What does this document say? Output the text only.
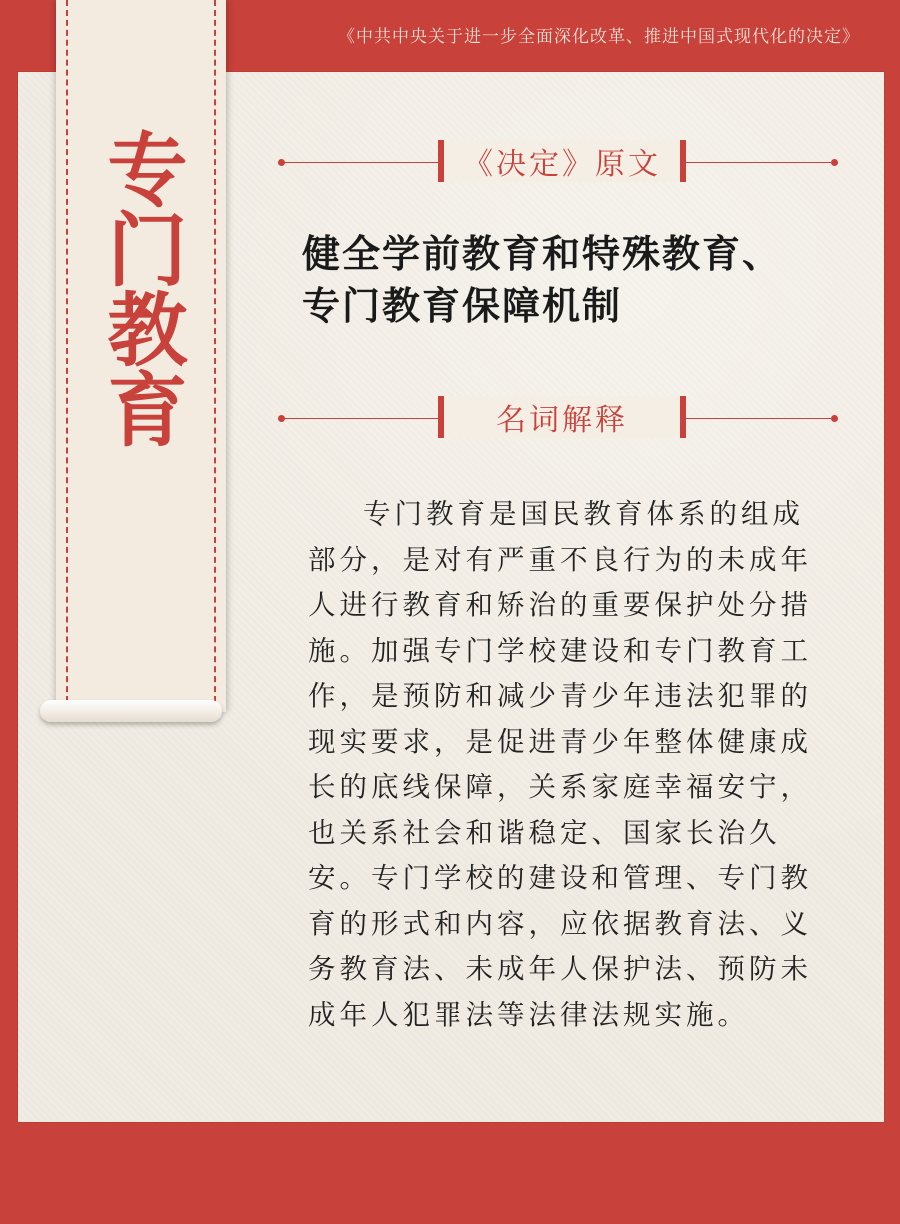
《中共中央关于进一步全面深化改革、推进中国式现代化的决定》
专
门
教
育
《决定》原文
健全学前教育和特殊教育、
专门教育保障机制
名词解释

专门教育是国民教育体系的组成部分，是对有严重不良行为的未成年人进行教育和矫治的重要保护处分措施。加强专门学校建设和专门教育工作，是预防和减少青少年违法犯罪的现实要求，是促进青少年整体健康成长的底线保障，关系家庭幸福安宁，也关系社会和谐稳定、国家长治久安。专门学校的建设和管理、专门教育的形式和内容，应依据教育法、义务教育法、未成年人保护法、预防未成年人犯罪法等法律法规实施。
